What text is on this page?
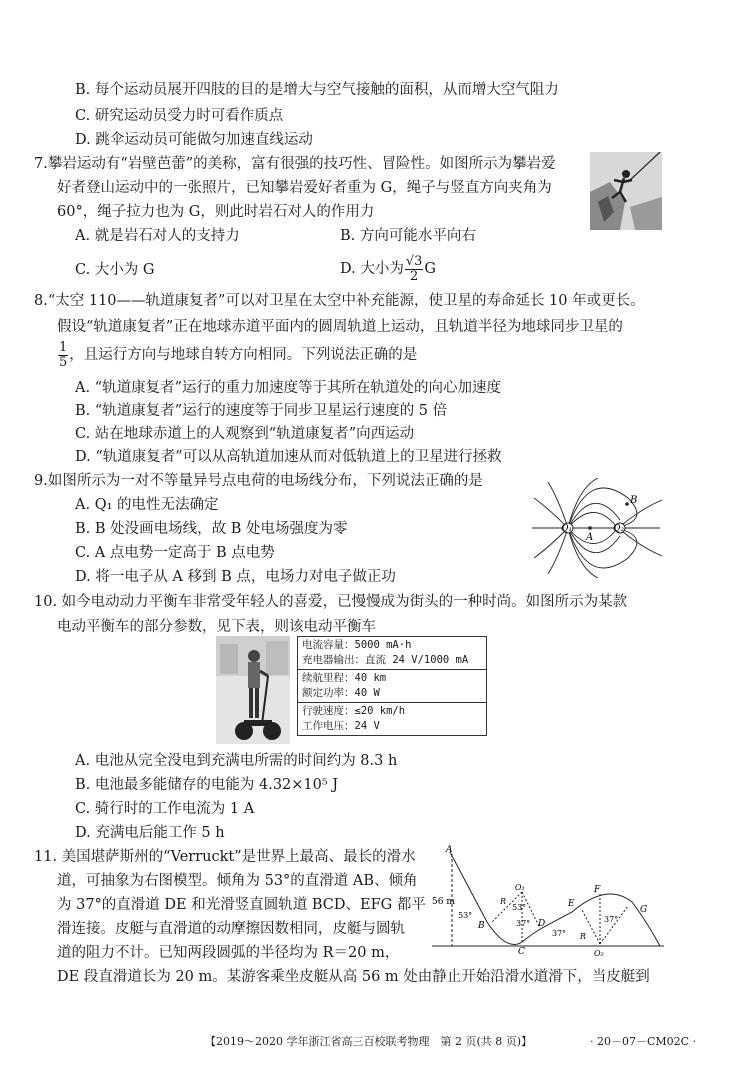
B. 每个运动员展开四肢的目的是增大与空气接触的面积，从而增大空气阻力
C. 研究运动员受力时可看作质点
D. 跳伞运动员可能做匀加速直线运动
7.攀岩运动有“岩壁芭蕾”的美称，富有很强的技巧性、冒险性。如图所示为攀岩爱
好者登山运动中的一张照片，已知攀岩爱好者重为 G，绳子与竖直方向夹角为
60°，绳子拉力也为 G，则此时岩石对人的作用力
A. 就是岩石对人的支持力	B. 方向可能水平向右
C. 大小为 G	D. 大小为 $\frac{√3}{2}$ G
8.“太空 110——轨道康复者”可以对卫星在太空中补充能源，使卫星的寿命延长 10 年或更长。
假设“轨道康复者”正在地球赤道平面内的圆周轨道上运动，且轨道半径为地球同步卫星的
$\frac{1}{5}$ ，且运行方向与地球自转方向相同。下列说法正确的是
A. “轨道康复者”运行的重力加速度等于其所在轨道处的向心加速度
B. “轨道康复者”运行的速度等于同步卫星运行速度的 5 倍
C. 站在地球赤道上的人观察到“轨道康复者”向西运动
D. “轨道康复者”可以从高轨道加速从而对低轨道上的卫星进行拯救
9.如图所示为一对不等量异号点电荷的电场线分布，下列说法正确的是
A. Q₁ 的电性无法确定
B. B 处没画电场线，故 B 处电场强度为零
C. A 点电势一定高于 B 点电势
D. 将一电子从 A 移到 B 点，电场力对电子做正功
Q₁	Q₂
A
B
10. 如今电动动力平衡车非常受年轻人的喜爱，已慢慢成为街头的一种时尚。如图所示为某款
电动平衡车的部分参数，见下表，则该电动平衡车
电流容量：5000 mA·h
充电器输出：直流 24 V/1000 mA

续航里程：40 km
额定功率：40 W

行驶速度：≤20 km/h
工作电压：24 V
A. 电池从完全没电到充满电所需的时间约为 8.3 h
B. 电池最多能储存的电能为 4.32×10⁵ J
C. 骑行时的工作电流为 1 A
D. 充满电后能工作 5 h
11. 美国堪萨斯州的“Verruckt”是世界上最高、最长的滑水
道，可抽象为右图模型。倾角为 53°的直滑道 AB、倾角
为 37°的直滑道 DE 和光滑竖直圆轨道 BCD、EFG 都平
滑连接。皮艇与直滑道的动摩擦因数相同，皮艇与圆轨
道的阻力不计。已知两段圆弧的半径均为 R＝20 m，
DE 段直滑道长为 20 m。某游客乘坐皮艇从高 56 m 处由静止开始沿滑水道滑下，当皮艇到
A
B
C
D
E
F
G
O₁
O₂
R
R
56 m
53°
53°
37°
37°
37°
【2019～2020 学年浙江省高三百校联考物理　第 2 页(共 8 页)】	· 20－07－CM02C ·
